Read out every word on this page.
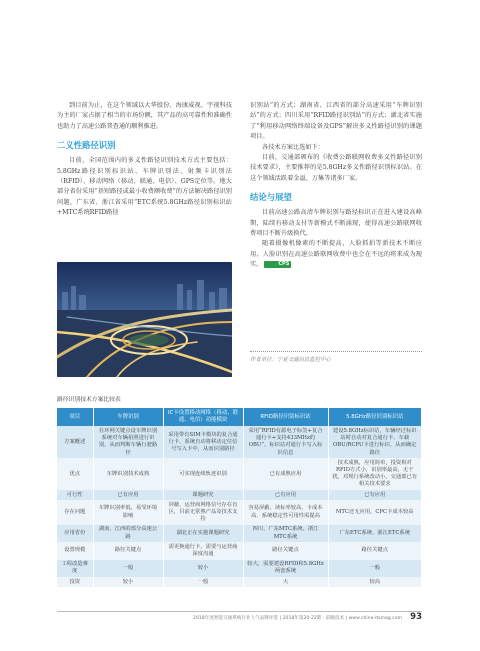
到目前为止，在这个领域以大华股份、海康威视、宇视科技为主的厂家占据了相当的市场份额，其产品的高可靠性和准确性也助力了高速公路普查通的顺利推进。

二义性路径识别

目前，全国范围内的多义性路径识别技术方式主要包括：5.8GHz路径识别标识站、车牌识别法、射频卡识别法（RFID）、移动网络（移动、联通、电信）、GPS定位等。地大部分省份采用“基短路径或最小收费额收费”的方法解决路径识别问题，广东省、浙江省采用“ETC系统5.8GHz路径识别标识站+MTC系统RFID路径

识别站”的方式；湖南省、江西省的部分高速采用“车牌识别站”的方式；四川采用“RFID路径识别站”的方式；湖北省实施了“利用移动网络终端设备及GPS”解决多义性路径识别的课题项目。

各技术方案比选如下：

目前，交通部颁布的《收费公路联网收费多义性路径识别技术要求》，主要推荐的是5.8GHz多义性路径识别标识站。在这个领域活跃着金溢、万集等诸多厂家。

结论与展望

目前高速公路高清车牌识别与路径标识正在进入建设高峰期，陆续有移动支付等新模式不断涌现，使得高速公路联网收费项目不断升级换代。

随着摄像机像素的不断提高，人脸抓拍等新技术不断应用，人脸识别在高速公路联网收费中也会在不远的将来成为现实。	CPS

作者单位：宁夏交通信息监控中心
路径识别技术方案比较表
项目	车牌识别	IC卡设置移动网络（移动、联通、电信）功能模块	RFID路径识别标识站	5.8GHz路径识别标识站
方案概述	在环网关键点设车牌识别系统对车辆拍照进行识别，从而判断车辆行驶路径	采用带有SIM卡模块的复合通行卡，系统自动将移动定位信号写入卡中，从而识别路径	采用“RFID有源电子标签+复合通行卡+支持433MHz的OBU”，标识站对通行卡写入标识信息	建设5.8GHz标识站，车辆经过标识站时自动对复合通行卡、车载OBU/RCPU卡进行标识，从而确定路径
优点	车牌识别技术成熟	可实现连续轨迹识别	已有成熟应用	技术成熟，应用简单，投资相对RFID方式小，识别率最高，无干扰，对现行系统改动小，交通部已有相关技术要求
可行性	已有应用	课题研究	已有应用	已有应用
存在问题	车牌识别率低，易受环境影响	屏蔽、运营商网络信号存在盲区，目前无常熟产品及技术支持	容易屏蔽、读标率较高，卡成本高、系统稳定性可用性需提高	MTC还无应用，CPC卡成本较高
应用省份	湖南、江西的部分高速公路	湖北正在实施课题研究	四川、广东MTC系统、浙江MTC系统	广东ETC系统、浙江ETC系统
设置规模	路径关键点	需更换通行卡，需要与运营商深度沟通	路径关键点	路径关键点
工程改造难度	一般	较小	较大，需要建设RFID和5.8GHz两套系统	一般
投资	较小	一般	大	较高
2018年度智能交通系统行业人气品牌评选 | 2018年第20-22期 · 前瞻技术 | www.china-itsmag.com 93
